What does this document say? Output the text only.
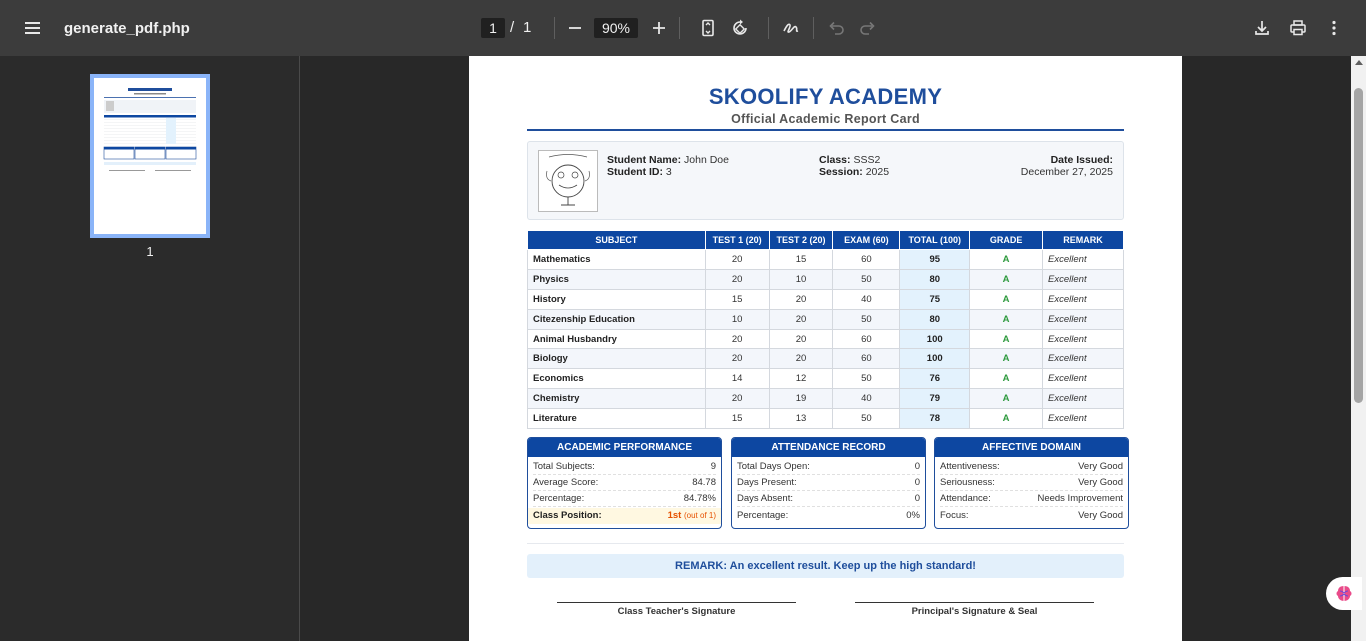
generate_pdf.php	1 / 1	90%
1
SKOOLIFY ACADEMY
Official Academic Report Card
Student Name: John Doe
Student ID: 3
Class: SSS2
Session: 2025
Date Issued:
December 27, 2025
SUBJECT	TEST 1 (20)	TEST 2 (20)	EXAM (60)	TOTAL (100)	GRADE	REMARK
Mathematics	20	15	60	95	A	Excellent
Physics	20	10	50	80	A	Excellent
History	15	20	40	75	A	Excellent
Citezenship Education	10	20	50	80	A	Excellent
Animal Husbandry	20	20	60	100	A	Excellent
Biology	20	20	60	100	A	Excellent
Economics	14	12	50	76	A	Excellent
Chemistry	20	19	40	79	A	Excellent
Literature	15	13	50	78	A	Excellent
ACADEMIC PERFORMANCE
Total Subjects:	9
Average Score:	84.78
Percentage:	84.78%
Class Position:	1st (out of 1)
ATTENDANCE RECORD
Total Days Open:	0
Days Present:	0
Days Absent:	0
Percentage:	0%
AFFECTIVE DOMAIN
Attentiveness:	Very Good
Seriousness:	Very Good
Attendance:	Needs Improvement
Focus:	Very Good
REMARK: An excellent result. Keep up the high standard!
Class Teacher's Signature	Principal's Signature & Seal
